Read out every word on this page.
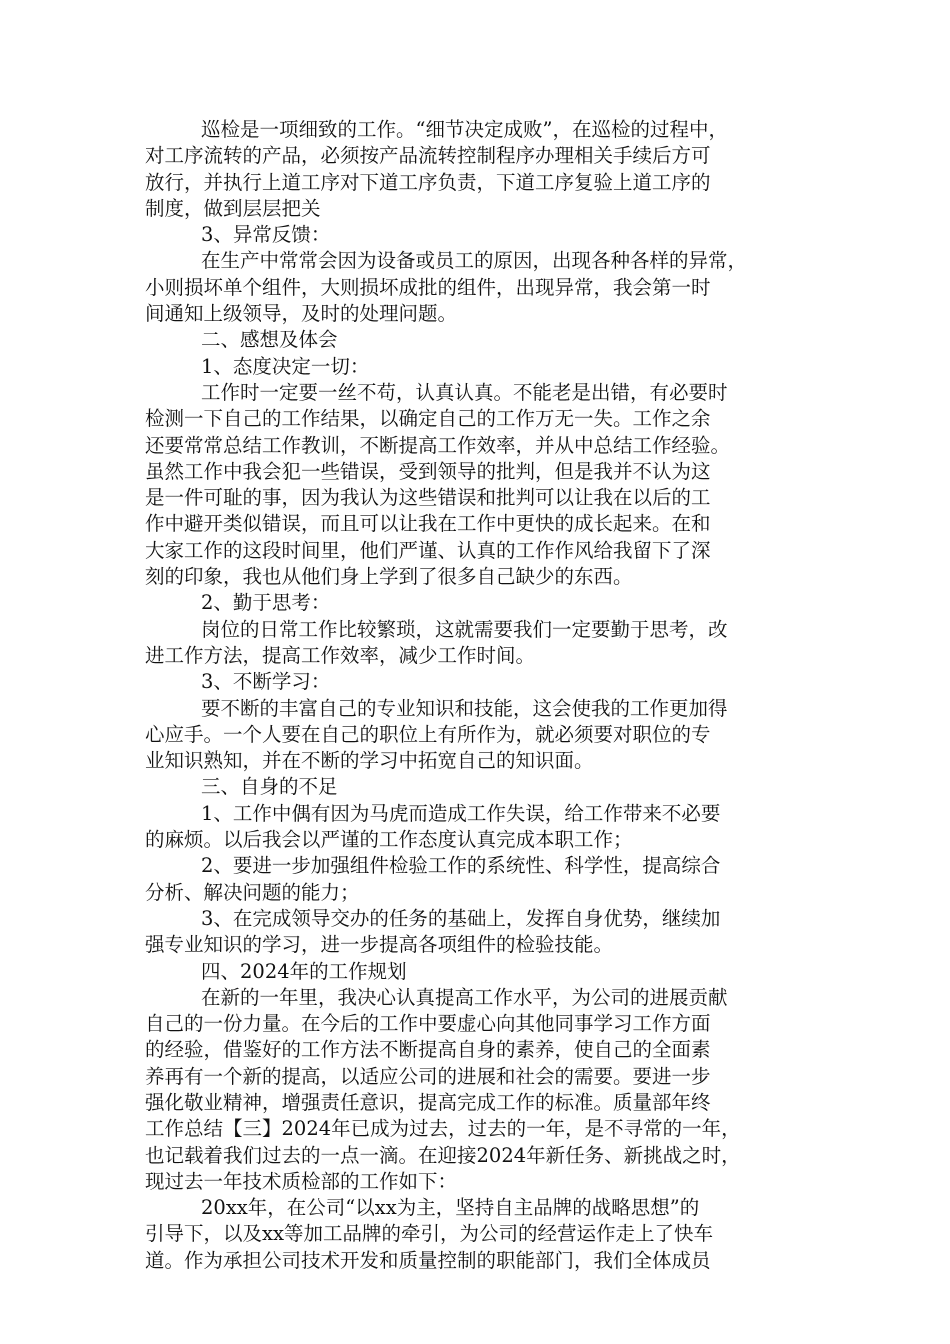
巡检是一项细致的工作。“细节决定成败”，在巡检的过程中，
对工序流转的产品，必须按产品流转控制程序办理相关手续后方可
放行，并执行上道工序对下道工序负责，下道工序复验上道工序的
制度，做到层层把关
3、异常反馈：
在生产中常常会因为设备或员工的原因，出现各种各样的异常，
小则损坏单个组件，大则损坏成批的组件，出现异常，我会第一时
间通知上级领导，及时的处理问题。
二、感想及体会
1、态度决定一切：
工作时一定要一丝不苟，认真认真。不能老是出错，有必要时
检测一下自己的工作结果，以确定自己的工作万无一失。工作之余
还要常常总结工作教训，不断提高工作效率，并从中总结工作经验。
虽然工作中我会犯一些错误，受到领导的批判，但是我并不认为这
是一件可耻的事，因为我认为这些错误和批判可以让我在以后的工
作中避开类似错误，而且可以让我在工作中更快的成长起来。在和
大家工作的这段时间里，他们严谨、认真的工作作风给我留下了深
刻的印象，我也从他们身上学到了很多自己缺少的东西。
2、勤于思考：
岗位的日常工作比较繁琐，这就需要我们一定要勤于思考，改
进工作方法，提高工作效率，减少工作时间。
3、不断学习：
要不断的丰富自己的专业知识和技能，这会使我的工作更加得
心应手。一个人要在自己的职位上有所作为，就必须要对职位的专
业知识熟知，并在不断的学习中拓宽自己的知识面。
三、自身的不足
1、工作中偶有因为马虎而造成工作失误，给工作带来不必要
的麻烦。以后我会以严谨的工作态度认真完成本职工作；
2、要进一步加强组件检验工作的系统性、科学性，提高综合
分析、解决问题的能力；
3、在完成领导交办的任务的基础上，发挥自身优势，继续加
强专业知识的学习，进一步提高各项组件的检验技能。
四、2024年的工作规划
在新的一年里，我决心认真提高工作水平，为公司的进展贡献
自己的一份力量。在今后的工作中要虚心向其他同事学习工作方面
的经验，借鉴好的工作方法不断提高自身的素养，使自己的全面素
养再有一个新的提高，以适应公司的进展和社会的需要。要进一步
强化敬业精神，增强责任意识，提高完成工作的标准。质量部年终
工作总结【三】2024年已成为过去，过去的一年，是不寻常的一年，
也记载着我们过去的一点一滴。在迎接2024年新任务、新挑战之时，
现过去一年技术质检部的工作如下：
20xx年，在公司“以xx为主，坚持自主品牌的战略思想”的
引导下，以及xx等加工品牌的牵引，为公司的经营运作走上了快车
道。作为承担公司技术开发和质量控制的职能部门，我们全体成员
